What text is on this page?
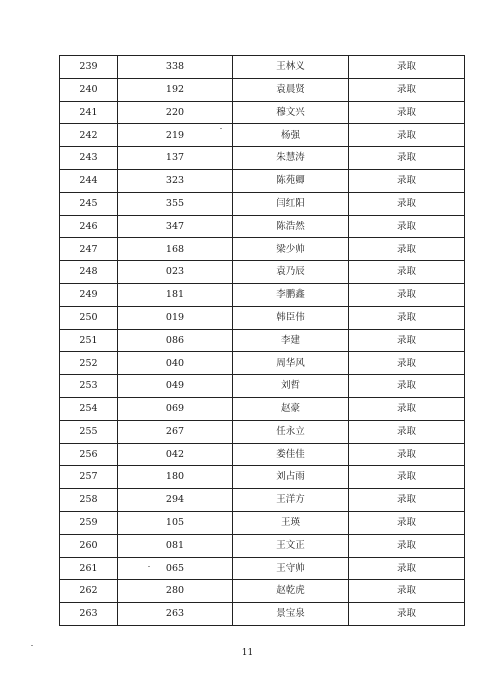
239	338	王林义	录取
240	192	袁晨贤	录取
241	220	穆文兴	录取
242	219	杨强	录取
243	137	朱慧涛	录取
244	323	陈苑卿	录取
245	355	闫红阳	录取
246	347	陈浩然	录取
247	168	梁少帅	录取
248	023	袁乃辰	录取
249	181	李鹏鑫	录取
250	019	韩臣伟	录取
251	086	李建	录取
252	040	周华风	录取
253	049	刘哲	录取
254	069	赵豪	录取
255	267	任永立	录取
256	042	娄佳佳	录取
257	180	刘占雨	录取
258	294	王洋方	录取
259	105	王瑛	录取
260	081	王文正	录取
261	065	王守帅	录取
262	280	赵乾虎	录取
263	263	景宝泉	录取
11
